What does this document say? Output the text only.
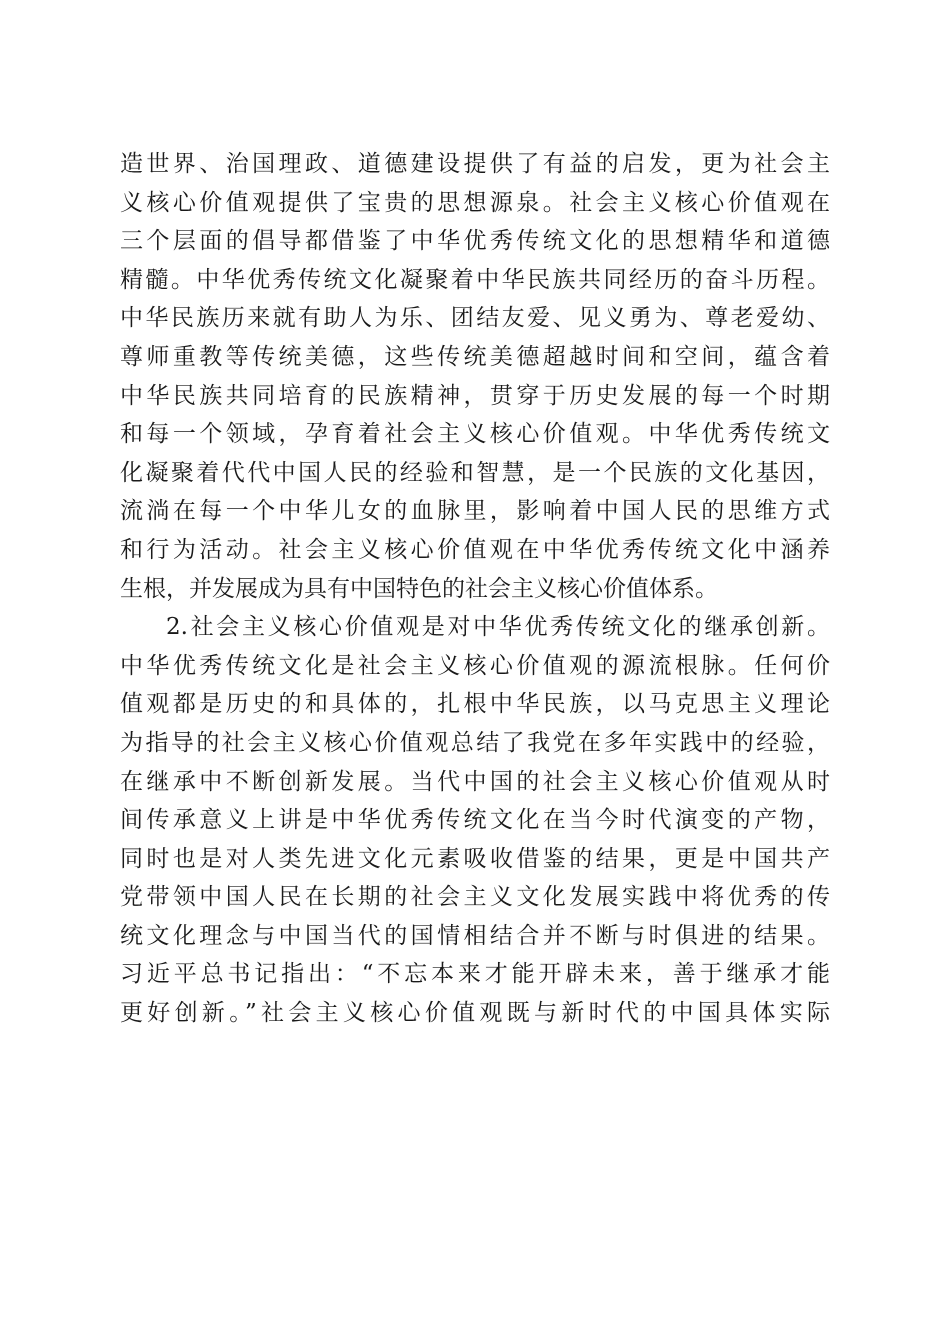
造世界、治国理政、道德建设提供了有益的启发，更为社会主
义核心价值观提供了宝贵的思想源泉。社会主义核心价值观在
三个层面的倡导都借鉴了中华优秀传统文化的思想精华和道德
精髓。中华优秀传统文化凝聚着中华民族共同经历的奋斗历程。
中华民族历来就有助人为乐、团结友爱、见义勇为、尊老爱幼、
尊师重教等传统美德，这些传统美德超越时间和空间，蕴含着
中华民族共同培育的民族精神，贯穿于历史发展的每一个时期
和每一个领域，孕育着社会主义核心价值观。中华优秀传统文
化凝聚着代代中国人民的经验和智慧，是一个民族的文化基因，
流淌在每一个中华儿女的血脉里，影响着中国人民的思维方式
和行为活动。社会主义核心价值观在中华优秀传统文化中涵养
生根，并发展成为具有中国特色的社会主义核心价值体系。
2.社会主义核心价值观是对中华优秀传统文化的继承创新。
中华优秀传统文化是社会主义核心价值观的源流根脉。任何价
值观都是历史的和具体的，扎根中华民族，以马克思主义理论
为指导的社会主义核心价值观总结了我党在多年实践中的经验，
在继承中不断创新发展。当代中国的社会主义核心价值观从时
间传承意义上讲是中华优秀传统文化在当今时代演变的产物，
同时也是对人类先进文化元素吸收借鉴的结果，更是中国共产
党带领中国人民在长期的社会主义文化发展实践中将优秀的传
统文化理念与中国当代的国情相结合并不断与时俱进的结果。
习近平总书记指出：“不忘本来才能开辟未来，善于继承才能
更好创新。”社会主义核心价值观既与新时代的中国具体实际
